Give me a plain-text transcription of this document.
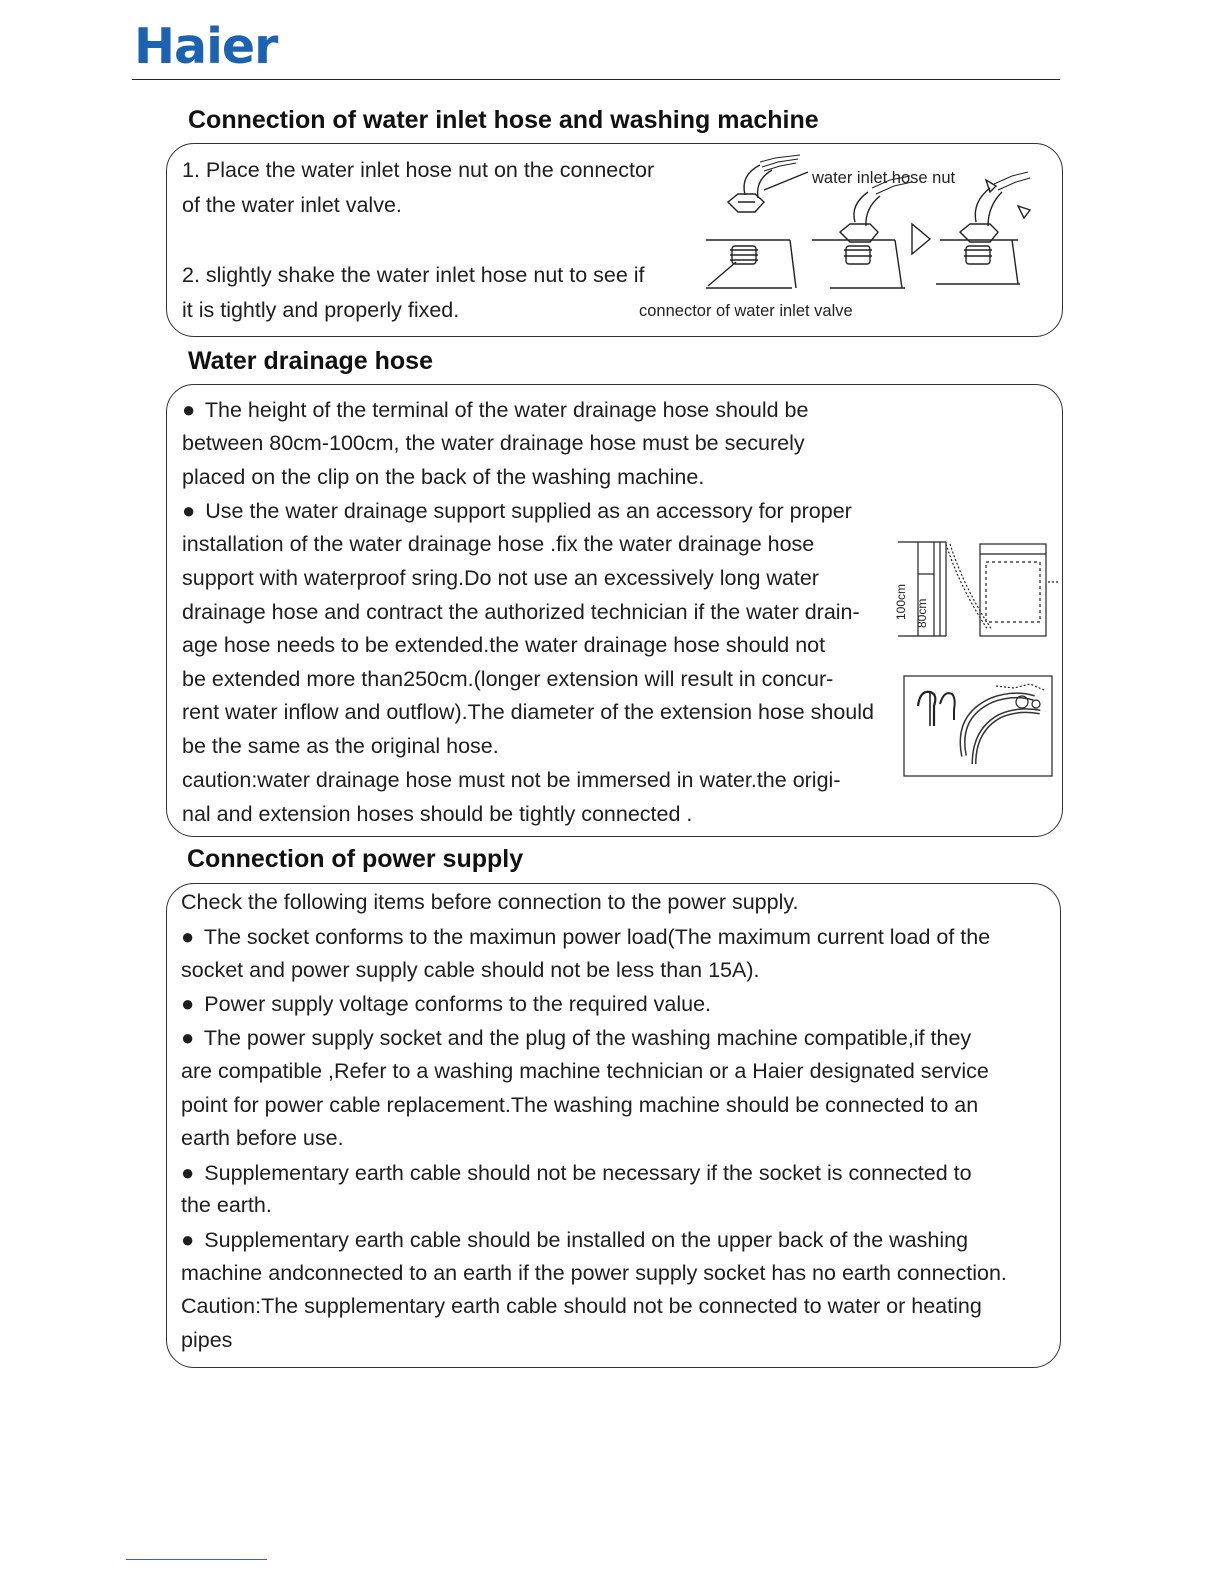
Haier
Connection of water inlet hose and washing machine
1. Place the water inlet hose nut on the connector
of the water inlet valve.
2. slightly shake the water inlet hose nut to see if
it is tightly and properly fixed.
water inlet hose nut
connector of water inlet valve
Water drainage hose
● The height of the terminal of the water drainage hose should be
between 80cm-100cm, the water drainage hose must be securely
placed on the clip on the back of the washing machine.
● Use the water drainage support supplied as an accessory for proper
installation of the water drainage hose .fix the water drainage hose
support with waterproof sring.Do not use an excessively long water
drainage hose and contract the authorized technician if the water drain-
age hose needs to be extended.the water drainage hose should not
be extended more than250cm.(longer extension will result in concur-
rent water inflow and outflow).The diameter of the extension hose should
be the same as the original hose.
caution:water drainage hose must not be immersed in water.the origi-
nal and extension hoses should be tightly connected .
100cm 80cm
Connection of power supply
Check the following items before connection to the power supply.
● The socket conforms to the maximun power load(The maximum current load of the
socket and power supply cable should not be less than 15A).
● Power supply voltage conforms to the required value.
● The power supply socket and the plug of the washing machine compatible,if they
are compatible ,Refer to a washing machine technician or a Haier designated service
point for power cable replacement.The washing machine should be connected to an
earth before use.
● Supplementary earth cable should not be necessary if the socket is connected to
the earth.
● Supplementary earth cable should be installed on the upper back of the washing
machine andconnected to an earth if the power supply socket has no earth connection.
Caution:The supplementary earth cable should not be connected to water or heating
pipes
